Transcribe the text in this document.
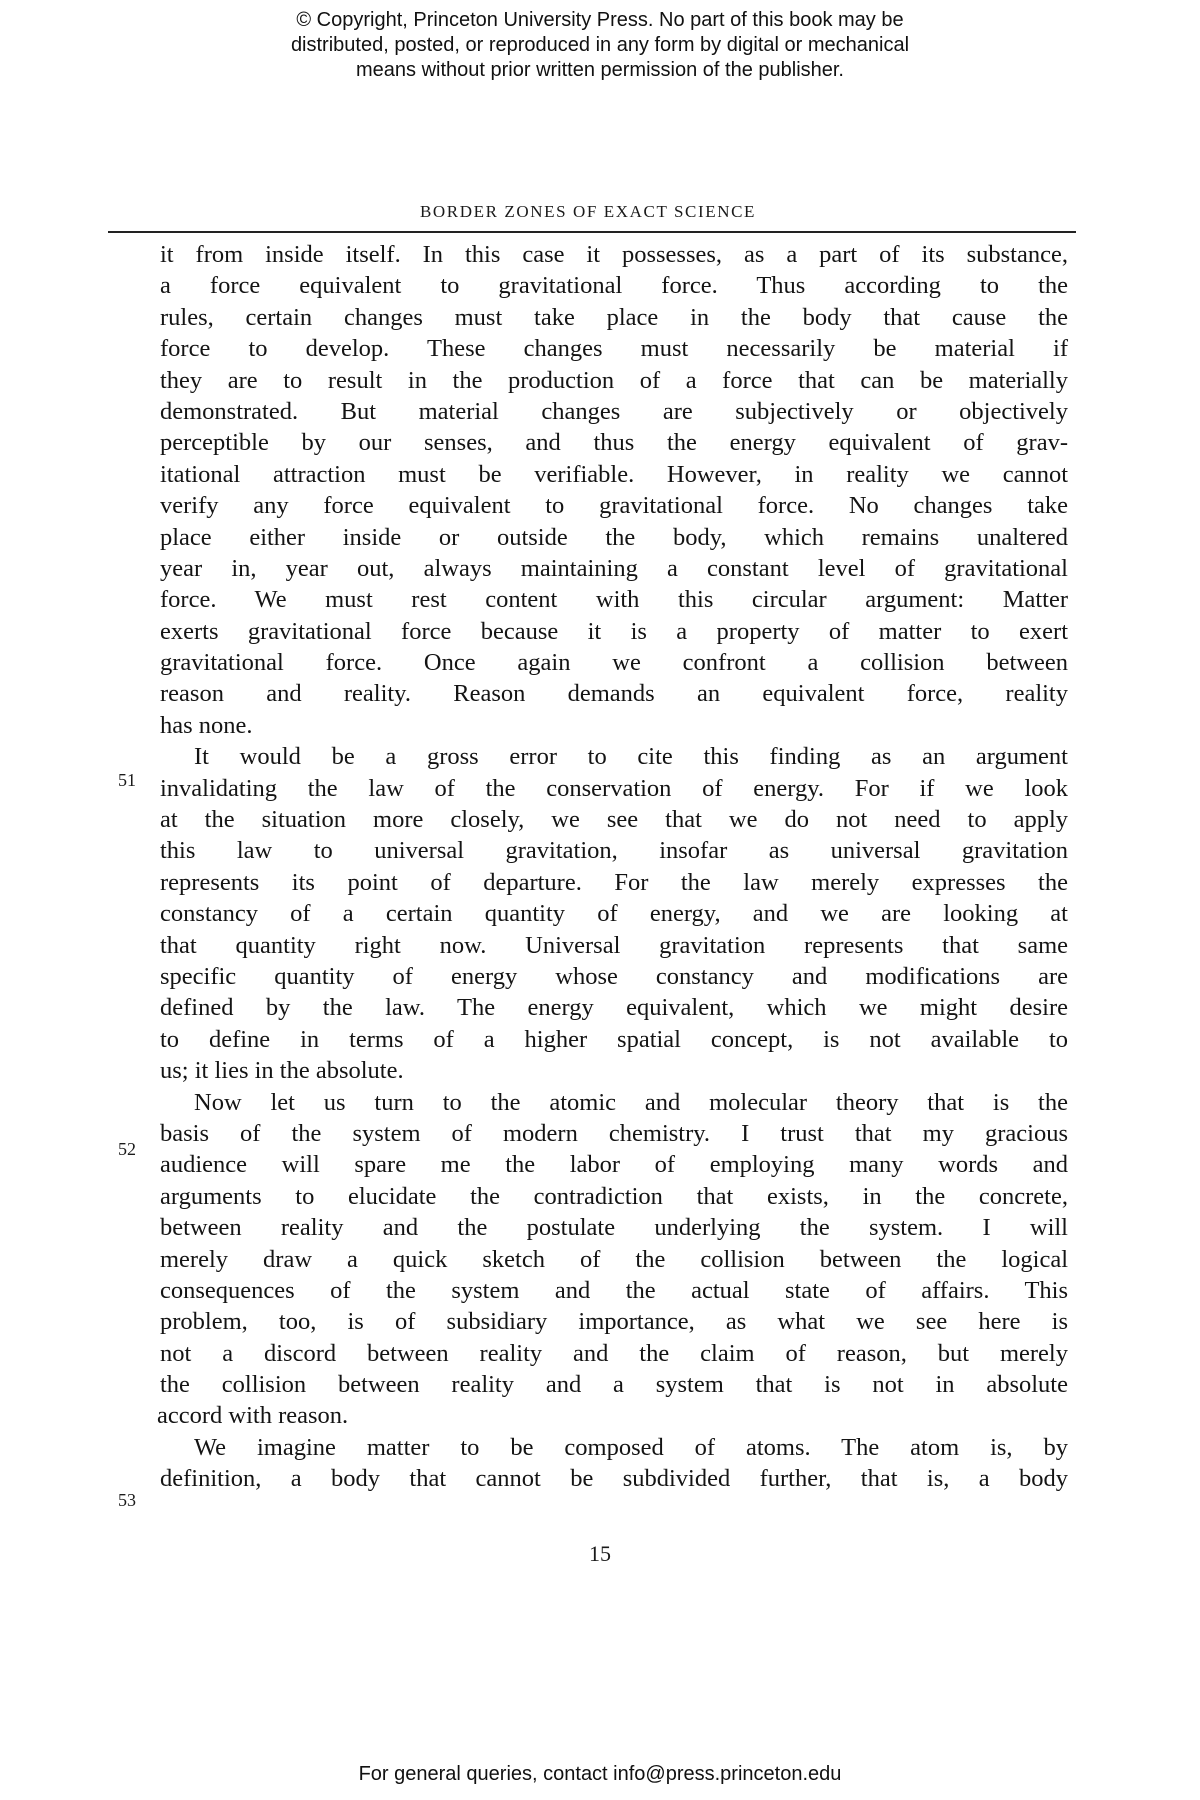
© Copyright, Princeton University Press. No part of this book may be
distributed, posted, or reproduced in any form by digital or mechanical
means without prior written permission of the publisher.
BORDER ZONES OF EXACT SCIENCE
51
52
53
it from inside itself. In this case it possesses, as a part of its substance,
a force equivalent to gravitational force. Thus according to the
rules, certain changes must take place in the body that cause the
force to develop. These changes must necessarily be material if
they are to result in the production of a force that can be materially
demonstrated. But material changes are subjectively or objectively
perceptible by our senses, and thus the energy equivalent of grav-
itational attraction must be verifiable. However, in reality we cannot
verify any force equivalent to gravitational force. No changes take
place either inside or outside the body, which remains unaltered
year in, year out, always maintaining a constant level of gravitational
force. We must rest content with this circular argument: Matter
exerts gravitational force because it is a property of matter to exert
gravitational force. Once again we confront a collision between
reason and reality. Reason demands an equivalent force, reality
has none.
It would be a gross error to cite this finding as an argument
invalidating the law of the conservation of energy. For if we look
at the situation more closely, we see that we do not need to apply
this law to universal gravitation, insofar as universal gravitation
represents its point of departure. For the law merely expresses the
constancy of a certain quantity of energy, and we are looking at
that quantity right now. Universal gravitation represents that same
specific quantity of energy whose constancy and modifications are
defined by the law. The energy equivalent, which we might desire
to define in terms of a higher spatial concept, is not available to
us; it lies in the absolute.
Now let us turn to the atomic and molecular theory that is the
basis of the system of modern chemistry. I trust that my gracious
audience will spare me the labor of employing many words and
arguments to elucidate the contradiction that exists, in the concrete,
between reality and the postulate underlying the system. I will
merely draw a quick sketch of the collision between the logical
consequences of the system and the actual state of affairs. This
problem, too, is of subsidiary importance, as what we see here is
not a discord between reality and the claim of reason, but merely
the collision between reality and a system that is not in absolute
accord with reason.
We imagine matter to be composed of atoms. The atom is, by
definition, a body that cannot be subdivided further, that is, a body
15
For general queries, contact info@press.princeton.edu
